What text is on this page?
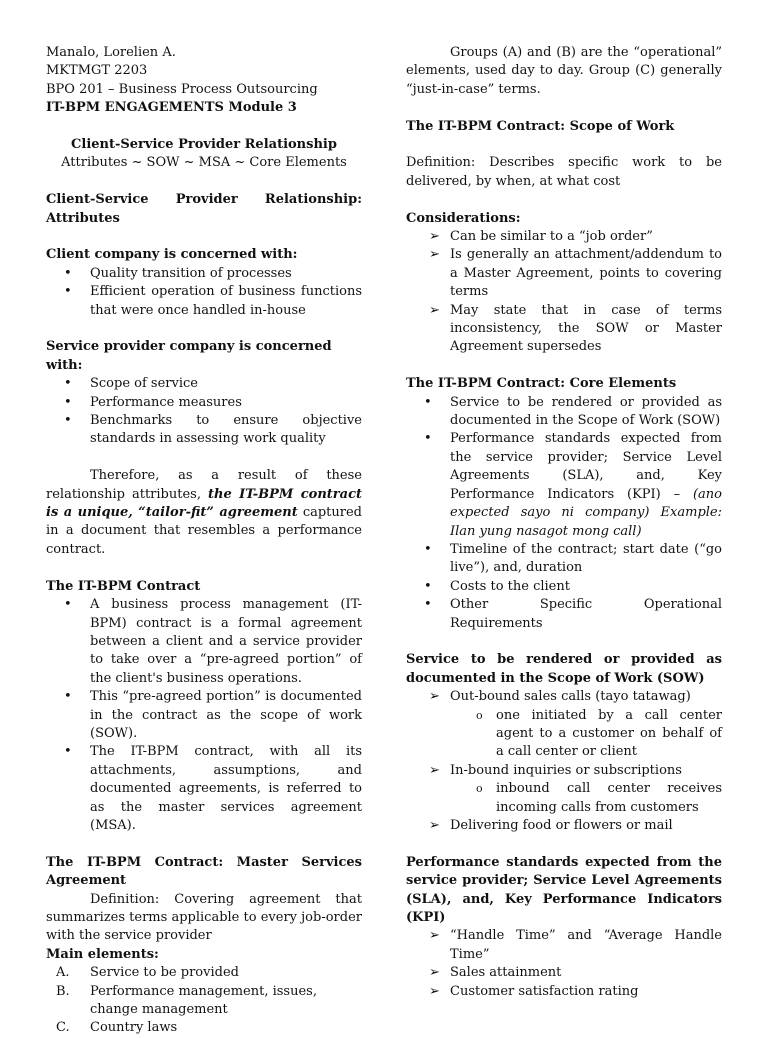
Manalo, Lorelien A.

MKTMGT 2203

BPO 201 – Business Process Outsourcing

IT-BPM ENGAGEMENTS Module 3

Client-Service Provider Relationship

Attributes ~ SOW ~ MSA ~ Core Elements

Client-Service Provider Relationship:
Attributes

Client company is concerned with:

• Quality transition of processes
• Efficient operation of business functions that were once handled in-house

Service provider company is concerned with:

• Scope of service
• Performance measures
• Benchmarks to ensure objective standards in assessing work quality

Therefore, as a result of these relationship attributes, the IT-BPM contract is a unique, “tailor-fit” agreement captured in a document that resembles a performance contract.

The IT-BPM Contract

• A business process management (IT-BPM) contract is a formal agreement between a client and a service provider to take over a “pre-agreed portion” of the client's business operations.
• This “pre-agreed portion” is documented in the contract as the scope of work (SOW).
• The IT-BPM contract, with all its attachments, assumptions, and documented agreements, is referred to as the master services agreement (MSA).

The IT-BPM Contract: Master Services Agreement

Definition: Covering agreement that summarizes terms applicable to every job-order with the service provider

Main elements:

A. Service to be provided
B. Performance management, issues, change management
C. Country laws

Groups (A) and (B) are the “operational” elements, used day to day. Group (C) generally “just-in-case” terms.

The IT-BPM Contract: Scope of Work

Definition: Describes specific work to be delivered, by when, at what cost

Considerations:

➢ Can be similar to a “job order”
➢ Is generally an attachment/addendum to a Master Agreement, points to covering terms
➢ May state that in case of terms inconsistency, the SOW or Master Agreement supersedes

The IT-BPM Contract: Core Elements

• Service to be rendered or provided as documented in the Scope of Work (SOW)
• Performance standards expected from the service provider; Service Level Agreements (SLA), and, Key Performance Indicators (KPI) – (ano expected sayo ni company) Example: Ilan yung nasagot mong call)
• Timeline of the contract; start date (“go live”), and, duration
• Costs to the client
• Other Specific Operational Requirements

Service to be rendered or provided as documented in the Scope of Work (SOW)

➢ Out-bound sales calls (tayo tatawag)
o one initiated by a call center agent to a customer on behalf of a call center or client
➢ In-bound inquiries or subscriptions
o inbound call center receives incoming calls from customers
➢ Delivering food or flowers or mail

Performance standards expected from the service provider; Service Level Agreements (SLA), and, Key Performance Indicators (KPI)

➢ “Handle Time” and “Average Handle Time”
➢ Sales attainment
➢ Customer satisfaction rating
